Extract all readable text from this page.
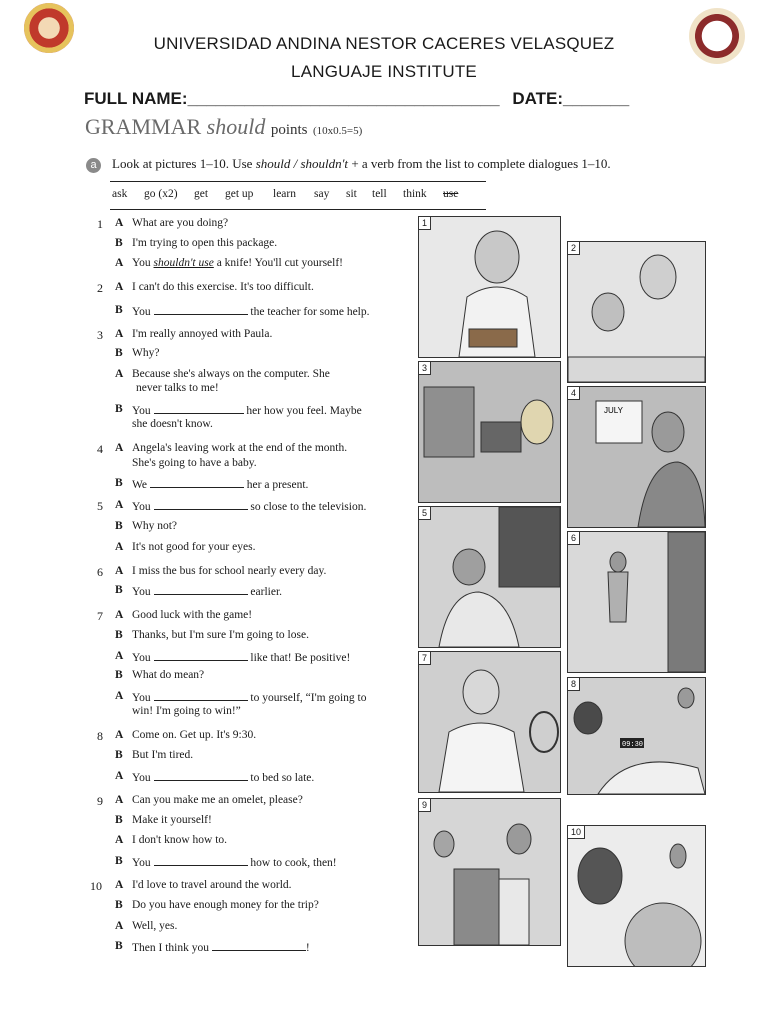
UNIVERSIDAD ANDINA NESTOR CACERES VELASQUEZ
LANGUAJE INSTITUTE
FULL NAME:_________________________________ DATE:_______
GRAMMAR should points (10x0.5=5)
a	Look at pictures 1–10. Use should / shouldn't + a verb from the list to complete dialogues 1–10.
ask go (x2) get get up learn say sit tell think use
1 A What are you doing?
B I'm trying to open this package.
A You shouldn't use a knife! You'll cut yourself!
2 A I can't do this exercise. It's too difficult.
B You	the teacher for some help.
3 A I'm really annoyed with Paula.
B Why?
A Because she's always on the computer. She
never talks to me!
B You	her how you feel. Maybe
she doesn't know.
4 A Angela's leaving work at the end of the month.
She's going to have a baby.
B We	her a present.
5 A You	so close to the television.
B Why not?
A It's not good for your eyes.
6 A I miss the bus for school nearly every day.
B You	earlier.
7 A Good luck with the game!
B Thanks, but I'm sure I'm going to lose.
A You	like that! Be positive!
B What do mean?
A You	to yourself, “I'm going to
win! I'm going to win!”
8 A Come on. Get up. It's 9:30.
B But I'm tired.
A You	to bed so late.
9 A Can you make me an omelet, please?
B Make it yourself!
A I don't know how to.
B You	how to cook, then!
10 A I'd love to travel around the world.
B Do you have enough money for the trip?
A Well, yes.
B Then I think you	!
1
2
3
JULY
4
5
6
7
09:30
8
9
10
